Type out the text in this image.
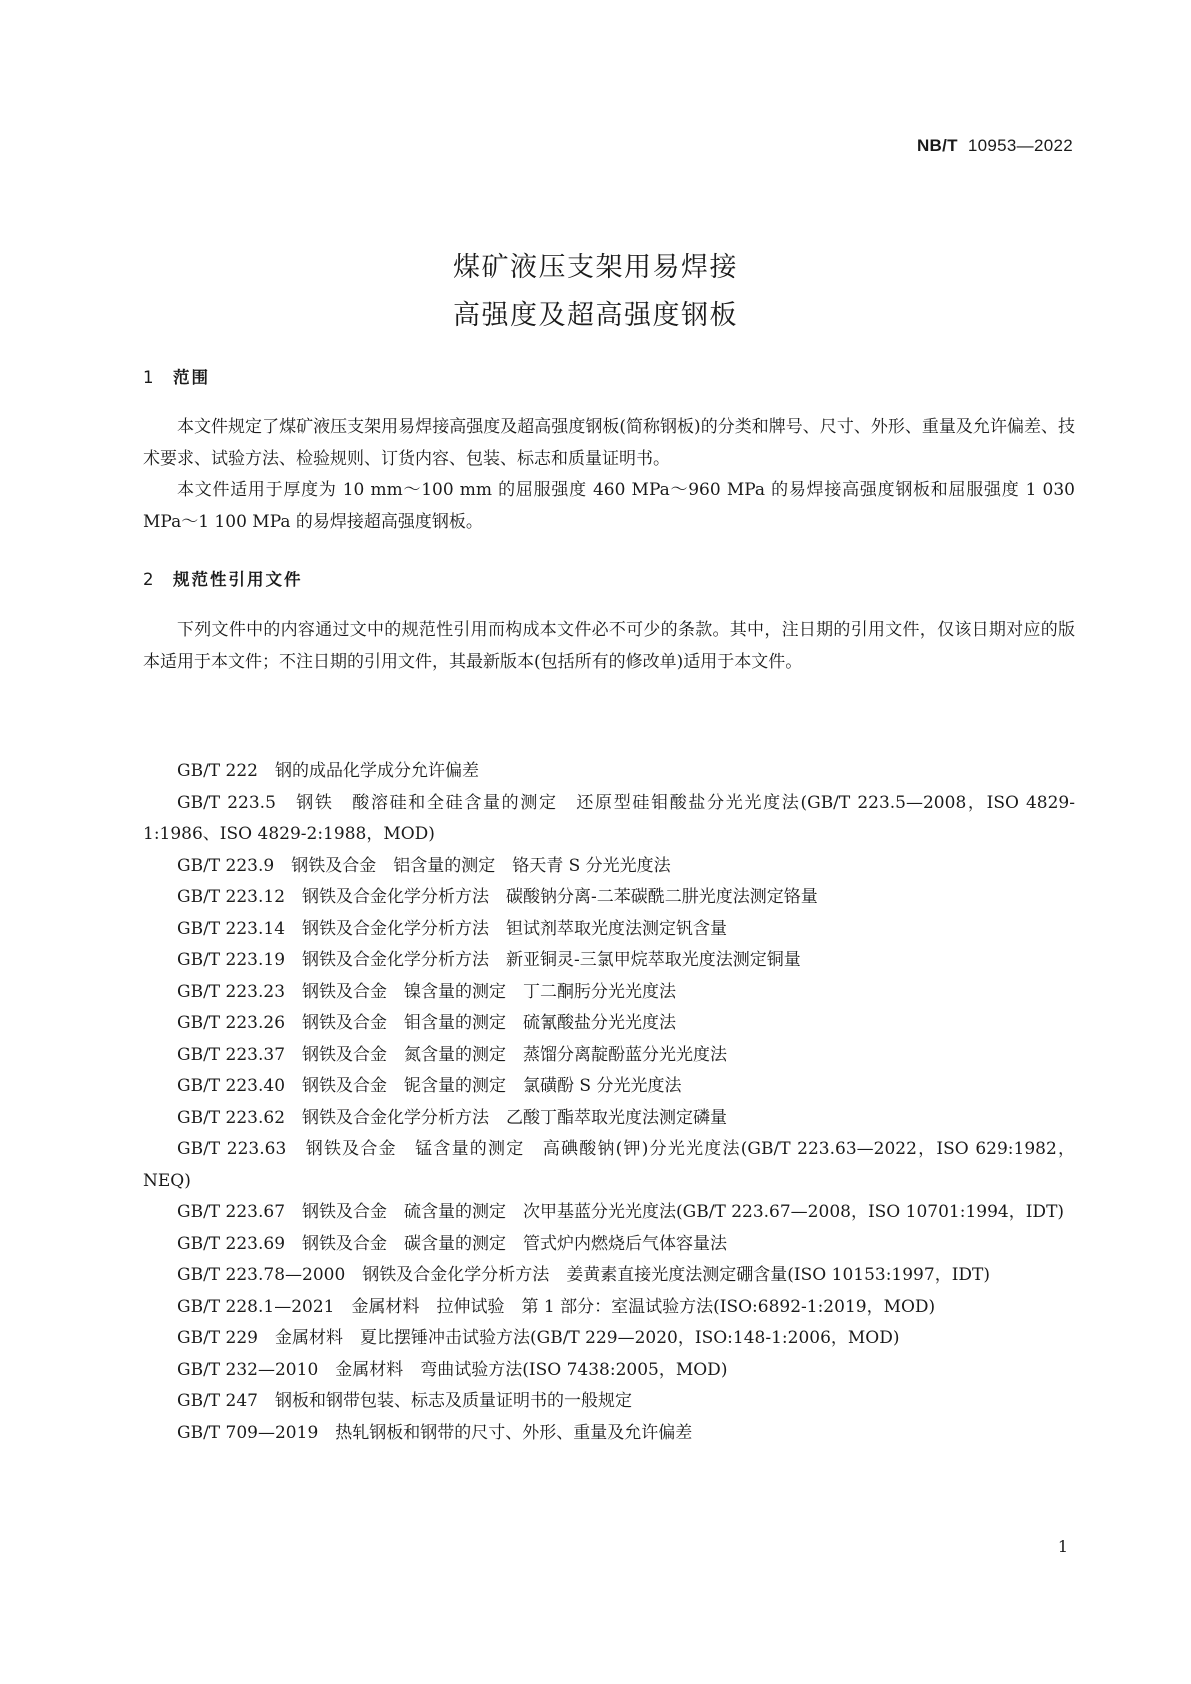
NB/T 10953—2022
煤矿液压支架用易焊接
高强度及超高强度钢板
1 范围
本文件规定了煤矿液压支架用易焊接高强度及超高强度钢板(简称钢板)的分类和牌号、尺寸、外形、重量及允许偏差、技术要求、试验方法、检验规则、订货内容、包装、标志和质量证明书。
本文件适用于厚度为 10 mm～100 mm 的屈服强度 460 MPa～960 MPa 的易焊接高强度钢板和屈服强度 1 030 MPa～1 100 MPa 的易焊接超高强度钢板。
2 规范性引用文件
下列文件中的内容通过文中的规范性引用而构成本文件必不可少的条款。其中，注日期的引用文件，仅该日期对应的版本适用于本文件；不注日期的引用文件，其最新版本(包括所有的修改单)适用于本文件。
GB/T 222　钢的成品化学成分允许偏差
GB/T 223.5　钢铁　酸溶硅和全硅含量的测定　还原型硅钼酸盐分光光度法(GB/T 223.5—2008，ISO 4829-1:1986、ISO 4829-2:1988，MOD)
GB/T 223.9　钢铁及合金　铝含量的测定　铬天青 S 分光光度法
GB/T 223.12　钢铁及合金化学分析方法　碳酸钠分离-二苯碳酰二肼光度法测定铬量
GB/T 223.14　钢铁及合金化学分析方法　钽试剂萃取光度法测定钒含量
GB/T 223.19　钢铁及合金化学分析方法　新亚铜灵-三氯甲烷萃取光度法测定铜量
GB/T 223.23　钢铁及合金　镍含量的测定　丁二酮肟分光光度法
GB/T 223.26　钢铁及合金　钼含量的测定　硫氰酸盐分光光度法
GB/T 223.37　钢铁及合金　氮含量的测定　蒸馏分离靛酚蓝分光光度法
GB/T 223.40　钢铁及合金　铌含量的测定　氯磺酚 S 分光光度法
GB/T 223.62　钢铁及合金化学分析方法　乙酸丁酯萃取光度法测定磷量
GB/T 223.63　钢铁及合金　锰含量的测定　高碘酸钠(钾)分光光度法(GB/T 223.63—2022，ISO 629:1982，NEQ)
GB/T 223.67　钢铁及合金　硫含量的测定　次甲基蓝分光光度法(GB/T 223.67—2008，ISO 10701:1994，IDT)
GB/T 223.69　钢铁及合金　碳含量的测定　管式炉内燃烧后气体容量法
GB/T 223.78—2000　钢铁及合金化学分析方法　姜黄素直接光度法测定硼含量(ISO 10153:1997，IDT)
GB/T 228.1—2021　金属材料　拉伸试验　第 1 部分：室温试验方法(ISO:6892-1:2019，MOD)
GB/T 229　金属材料　夏比摆锤冲击试验方法(GB/T 229—2020，ISO:148-1:2006，MOD)
GB/T 232—2010　金属材料　弯曲试验方法(ISO 7438:2005，MOD)
GB/T 247　钢板和钢带包装、标志及质量证明书的一般规定
GB/T 709—2019　热轧钢板和钢带的尺寸、外形、重量及允许偏差
1
